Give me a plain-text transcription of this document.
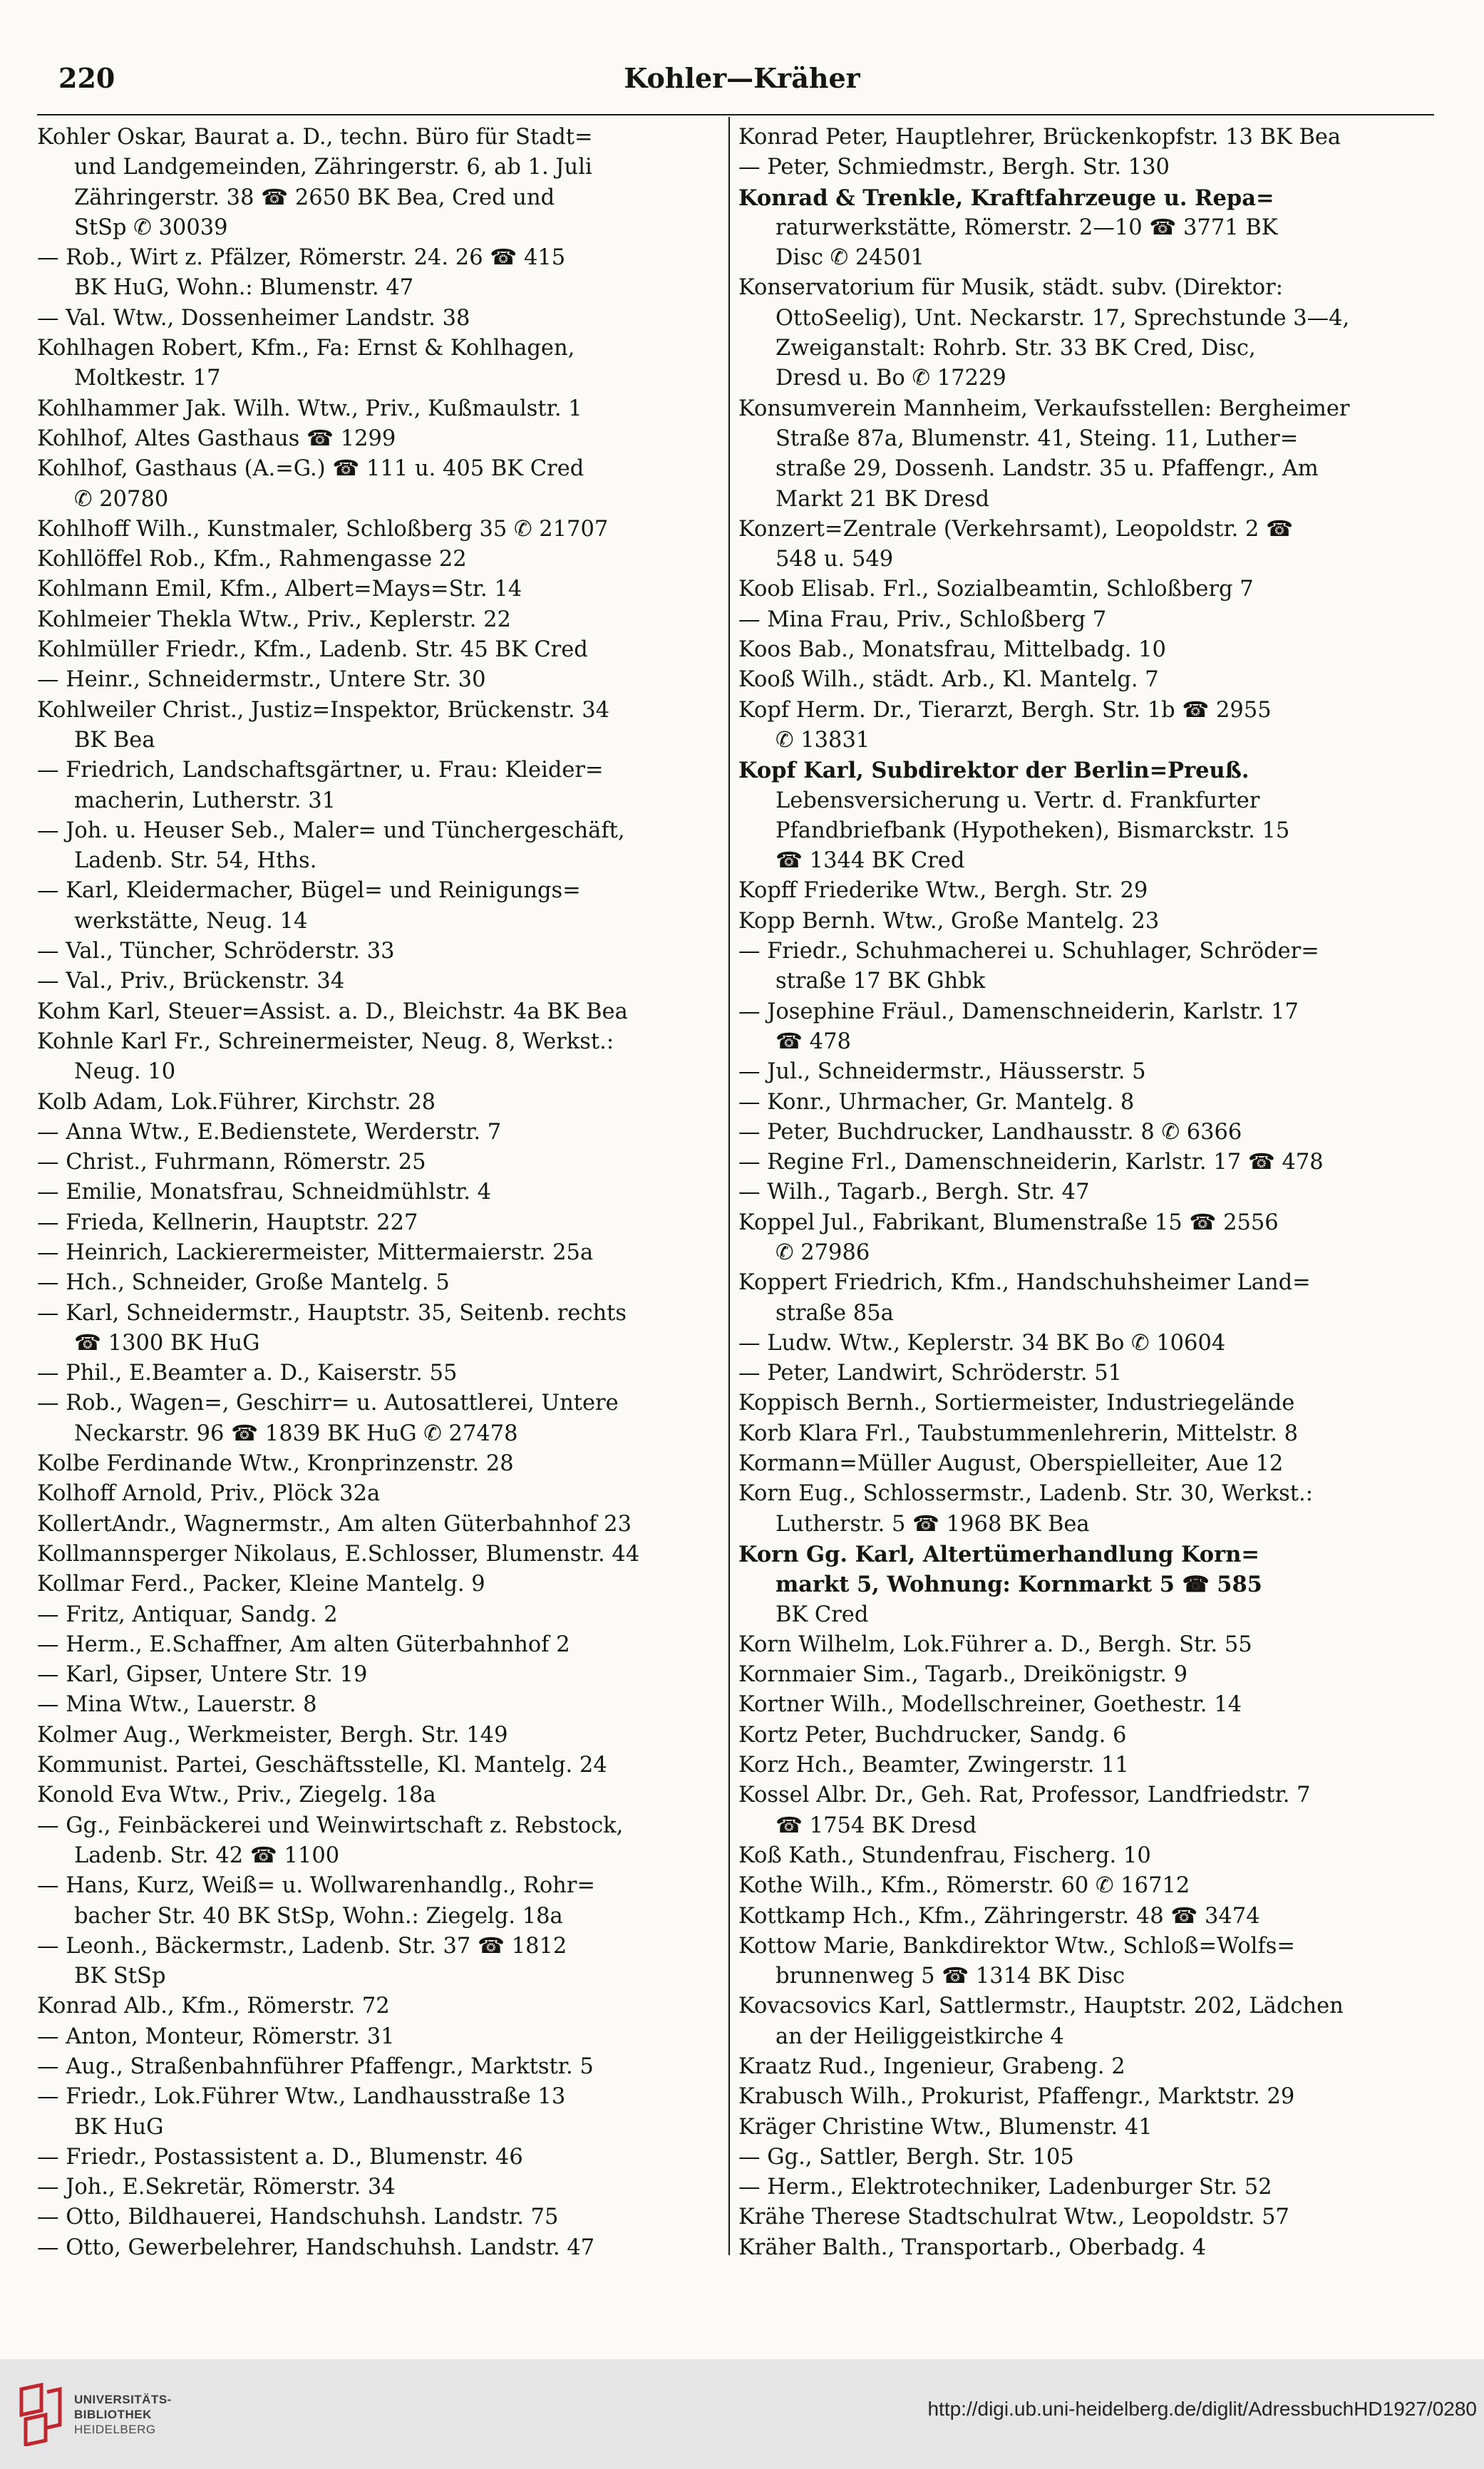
220	Kohler—Kräher
Kohler Oskar, Baurat a. D., techn. Büro für Stadt=
und Landgemeinden, Zähringerstr. 6, ab 1. Juli
Zähringerstr. 38 ☎ 2650 BK Bea, Cred und
StSp ✆ 30039
— Rob., Wirt z. Pfälzer, Römerstr. 24. 26 ☎ 415
BK HuG, Wohn.: Blumenstr. 47
— Val. Wtw., Dossenheimer Landstr. 38
Kohlhagen Robert, Kfm., Fa: Ernst & Kohlhagen,
Moltkestr. 17
Kohlhammer Jak. Wilh. Wtw., Priv., Kußmaulstr. 1
Kohlhof, Altes Gasthaus ☎ 1299
Kohlhof, Gasthaus (A.=G.) ☎ 111 u. 405 BK Cred
✆ 20780
Kohlhoff Wilh., Kunstmaler, Schloßberg 35 ✆ 21707
Kohllöffel Rob., Kfm., Rahmengasse 22
Kohlmann Emil, Kfm., Albert=Mays=Str. 14
Kohlmeier Thekla Wtw., Priv., Keplerstr. 22
Kohlmüller Friedr., Kfm., Ladenb. Str. 45 BK Cred
— Heinr., Schneidermstr., Untere Str. 30
Kohlweiler Christ., Justiz=Inspektor, Brückenstr. 34
BK Bea
— Friedrich, Landschaftsgärtner, u. Frau: Kleider=
macherin, Lutherstr. 31
— Joh. u. Heuser Seb., Maler= und Tünchergeschäft,
Ladenb. Str. 54, Hths.
— Karl, Kleidermacher, Bügel= und Reinigungs=
werkstätte, Neug. 14
— Val., Tüncher, Schröderstr. 33
— Val., Priv., Brückenstr. 34
Kohm Karl, Steuer=Assist. a. D., Bleichstr. 4a BK Bea
Kohnle Karl Fr., Schreinermeister, Neug. 8, Werkst.:
Neug. 10
Kolb Adam, Lok.Führer, Kirchstr. 28
— Anna Wtw., E.Bedienstete, Werderstr. 7
— Christ., Fuhrmann, Römerstr. 25
— Emilie, Monatsfrau, Schneidmühlstr. 4
— Frieda, Kellnerin, Hauptstr. 227
— Heinrich, Lackierermeister, Mittermaierstr. 25a
— Hch., Schneider, Große Mantelg. 5
— Karl, Schneidermstr., Hauptstr. 35, Seitenb. rechts
☎ 1300 BK HuG
— Phil., E.Beamter a. D., Kaiserstr. 55
— Rob., Wagen=, Geschirr= u. Autosattlerei, Untere
Neckarstr. 96 ☎ 1839 BK HuG ✆ 27478
Kolbe Ferdinande Wtw., Kronprinzenstr. 28
Kolhoff Arnold, Priv., Plöck 32a
KollertAndr., Wagnermstr., Am alten Güterbahnhof 23
Kollmannsperger Nikolaus, E.Schlosser, Blumenstr. 44
Kollmar Ferd., Packer, Kleine Mantelg. 9
— Fritz, Antiquar, Sandg. 2
— Herm., E.Schaffner, Am alten Güterbahnhof 2
— Karl, Gipser, Untere Str. 19
— Mina Wtw., Lauerstr. 8
Kolmer Aug., Werkmeister, Bergh. Str. 149
Kommunist. Partei, Geschäftsstelle, Kl. Mantelg. 24
Konold Eva Wtw., Priv., Ziegelg. 18a
— Gg., Feinbäckerei und Weinwirtschaft z. Rebstock,
Ladenb. Str. 42 ☎ 1100
— Hans, Kurz, Weiß= u. Wollwarenhandlg., Rohr=
bacher Str. 40 BK StSp, Wohn.: Ziegelg. 18a
— Leonh., Bäckermstr., Ladenb. Str. 37 ☎ 1812
BK StSp
Konrad Alb., Kfm., Römerstr. 72
— Anton, Monteur, Römerstr. 31
— Aug., Straßenbahnführer Pfaffengr., Marktstr. 5
— Friedr., Lok.Führer Wtw., Landhausstraße 13
BK HuG
— Friedr., Postassistent a. D., Blumenstr. 46
— Joh., E.Sekretär, Römerstr. 34
— Otto, Bildhauerei, Handschuhsh. Landstr. 75
— Otto, Gewerbelehrer, Handschuhsh. Landstr. 47
Konrad Peter, Hauptlehrer, Brückenkopfstr. 13 BK Bea
— Peter, Schmiedmstr., Bergh. Str. 130
Konrad & Trenkle, Kraftfahrzeuge u. Repa=
raturwerkstätte, Römerstr. 2—10 ☎ 3771 BK
Disc ✆ 24501
Konservatorium für Musik, städt. subv. (Direktor:
OttoSeelig), Unt. Neckarstr. 17, Sprechstunde 3—4,
Zweiganstalt: Rohrb. Str. 33 BK Cred, Disc,
Dresd u. Bo ✆ 17229
Konsumverein Mannheim, Verkaufsstellen: Bergheimer
Straße 87a, Blumenstr. 41, Steing. 11, Luther=
straße 29, Dossenh. Landstr. 35 u. Pfaffengr., Am
Markt 21 BK Dresd
Konzert=Zentrale (Verkehrsamt), Leopoldstr. 2 ☎
548 u. 549
Koob Elisab. Frl., Sozialbeamtin, Schloßberg 7
— Mina Frau, Priv., Schloßberg 7
Koos Bab., Monatsfrau, Mittelbadg. 10
Kooß Wilh., städt. Arb., Kl. Mantelg. 7
Kopf Herm. Dr., Tierarzt, Bergh. Str. 1b ☎ 2955
✆ 13831
Kopf Karl, Subdirektor der Berlin=Preuß.
Lebensversicherung u. Vertr. d. Frankfurter
Pfandbriefbank (Hypotheken), Bismarckstr. 15
☎ 1344 BK Cred
Kopff Friederike Wtw., Bergh. Str. 29
Kopp Bernh. Wtw., Große Mantelg. 23
— Friedr., Schuhmacherei u. Schuhlager, Schröder=
straße 17 BK Ghbk
— Josephine Fräul., Damenschneiderin, Karlstr. 17
☎ 478
— Jul., Schneidermstr., Häusserstr. 5
— Konr., Uhrmacher, Gr. Mantelg. 8
— Peter, Buchdrucker, Landhausstr. 8 ✆ 6366
— Regine Frl., Damenschneiderin, Karlstr. 17 ☎ 478
— Wilh., Tagarb., Bergh. Str. 47
Koppel Jul., Fabrikant, Blumenstraße 15 ☎ 2556
✆ 27986
Koppert Friedrich, Kfm., Handschuhsheimer Land=
straße 85a
— Ludw. Wtw., Keplerstr. 34 BK Bo ✆ 10604
— Peter, Landwirt, Schröderstr. 51
Koppisch Bernh., Sortiermeister, Industriegelände
Korb Klara Frl., Taubstummenlehrerin, Mittelstr. 8
Kormann=Müller August, Oberspielleiter, Aue 12
Korn Eug., Schlossermstr., Ladenb. Str. 30, Werkst.:
Lutherstr. 5 ☎ 1968 BK Bea
Korn Gg. Karl, Altertümerhandlung Korn=
markt 5, Wohnung: Kornmarkt 5 ☎ 585
BK Cred
Korn Wilhelm, Lok.Führer a. D., Bergh. Str. 55
Kornmaier Sim., Tagarb., Dreikönigstr. 9
Kortner Wilh., Modellschreiner, Goethestr. 14
Kortz Peter, Buchdrucker, Sandg. 6
Korz Hch., Beamter, Zwingerstr. 11
Kossel Albr. Dr., Geh. Rat, Professor, Landfriedstr. 7
☎ 1754 BK Dresd
Koß Kath., Stundenfrau, Fischerg. 10
Kothe Wilh., Kfm., Römerstr. 60 ✆ 16712
Kottkamp Hch., Kfm., Zähringerstr. 48 ☎ 3474
Kottow Marie, Bankdirektor Wtw., Schloß=Wolfs=
brunnenweg 5 ☎ 1314 BK Disc
Kovacsovics Karl, Sattlermstr., Hauptstr. 202, Lädchen
an der Heiliggeistkirche 4
Kraatz Rud., Ingenieur, Grabeng. 2
Krabusch Wilh., Prokurist, Pfaffengr., Marktstr. 29
Kräger Christine Wtw., Blumenstr. 41
— Gg., Sattler, Bergh. Str. 105
— Herm., Elektrotechniker, Ladenburger Str. 52
Krähe Therese Stadtschulrat Wtw., Leopoldstr. 57
Kräher Balth., Transportarb., Oberbadg. 4
UNIVERSITÄTS-
BIBLIOTHEK
HEIDELBERG
http://digi.ub.uni-heidelberg.de/diglit/AdressbuchHD1927/0280
